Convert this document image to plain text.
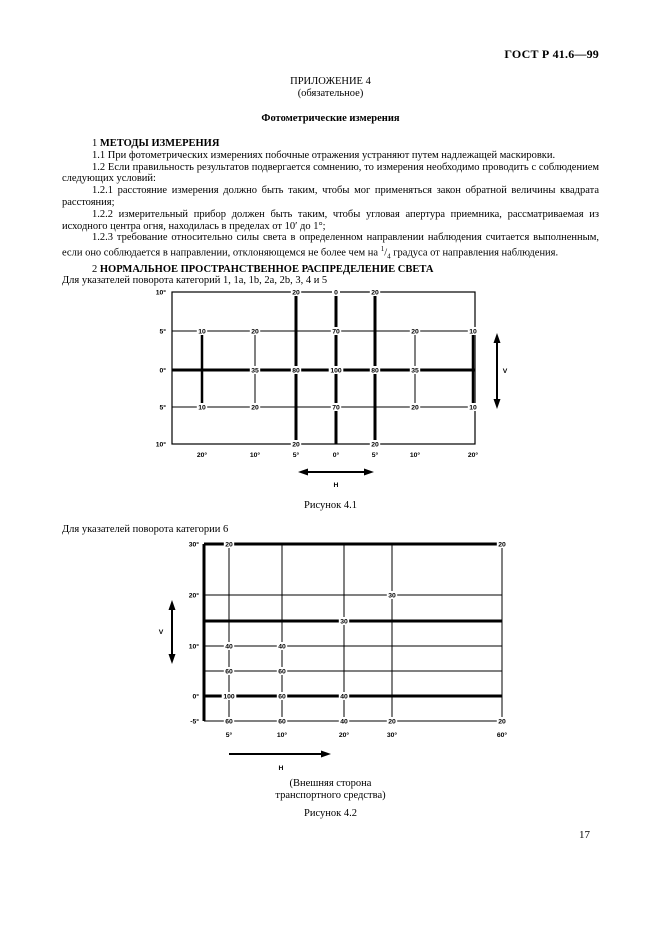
ГОСТ Р 41.6—99
ПРИЛОЖЕНИЕ 4
(обязательное)
Фотометрические измерения
1 МЕТОДЫ ИЗМЕРЕНИЯ
1.1 При фотометрических измерениях побочные отражения устраняют путем надлежащей маскировки.
1.2 Если правильность результатов подвергается сомнению, то измерения необходимо проводить с соблюдением следующих условий:
1.2.1 расстояние измерения должно быть таким, чтобы мог применяться закон обратной величины квадрата расстояния;
1.2.2 измерительный прибор должен быть таким, чтобы угловая апертура приемника, рассматриваемая из исходного центра огня, находилась в пределах от 10′ до 1°;
1.2.3 требование относительно силы света в определенном направлении наблюдения считается выполненным, если оно соблюдается в направлении, отклоняющемся не более чем на $^1/_4$ градуса от направления наблюдения.
2 НОРМАЛЬНОЕ ПРОСТРАНСТВЕННОЕ РАСПРЕДЕЛЕНИЕ СВЕТА
Для указателей поворота категорий 1, 1a, 1b, 2a, 2b, 3, 4 и 5
10°
5°
0°
5°
10°
20°	10°	5°	0°	5°	10°	20°
20	0	20
10	20	70	20	10
35	80	100	80	35
10	20	70	20	10
20	20
V
H
Рисунок 4.1
Для указателей поворота категории 6
30°
20°
10°
0°
-5°
5°	10°	20°	30°	60°
20	20
30
30
40	40
60	60
100	60	40
60	60	40	20	20
V
H
(Внешняя сторона
транспортного средства)
Рисунок 4.2
17
